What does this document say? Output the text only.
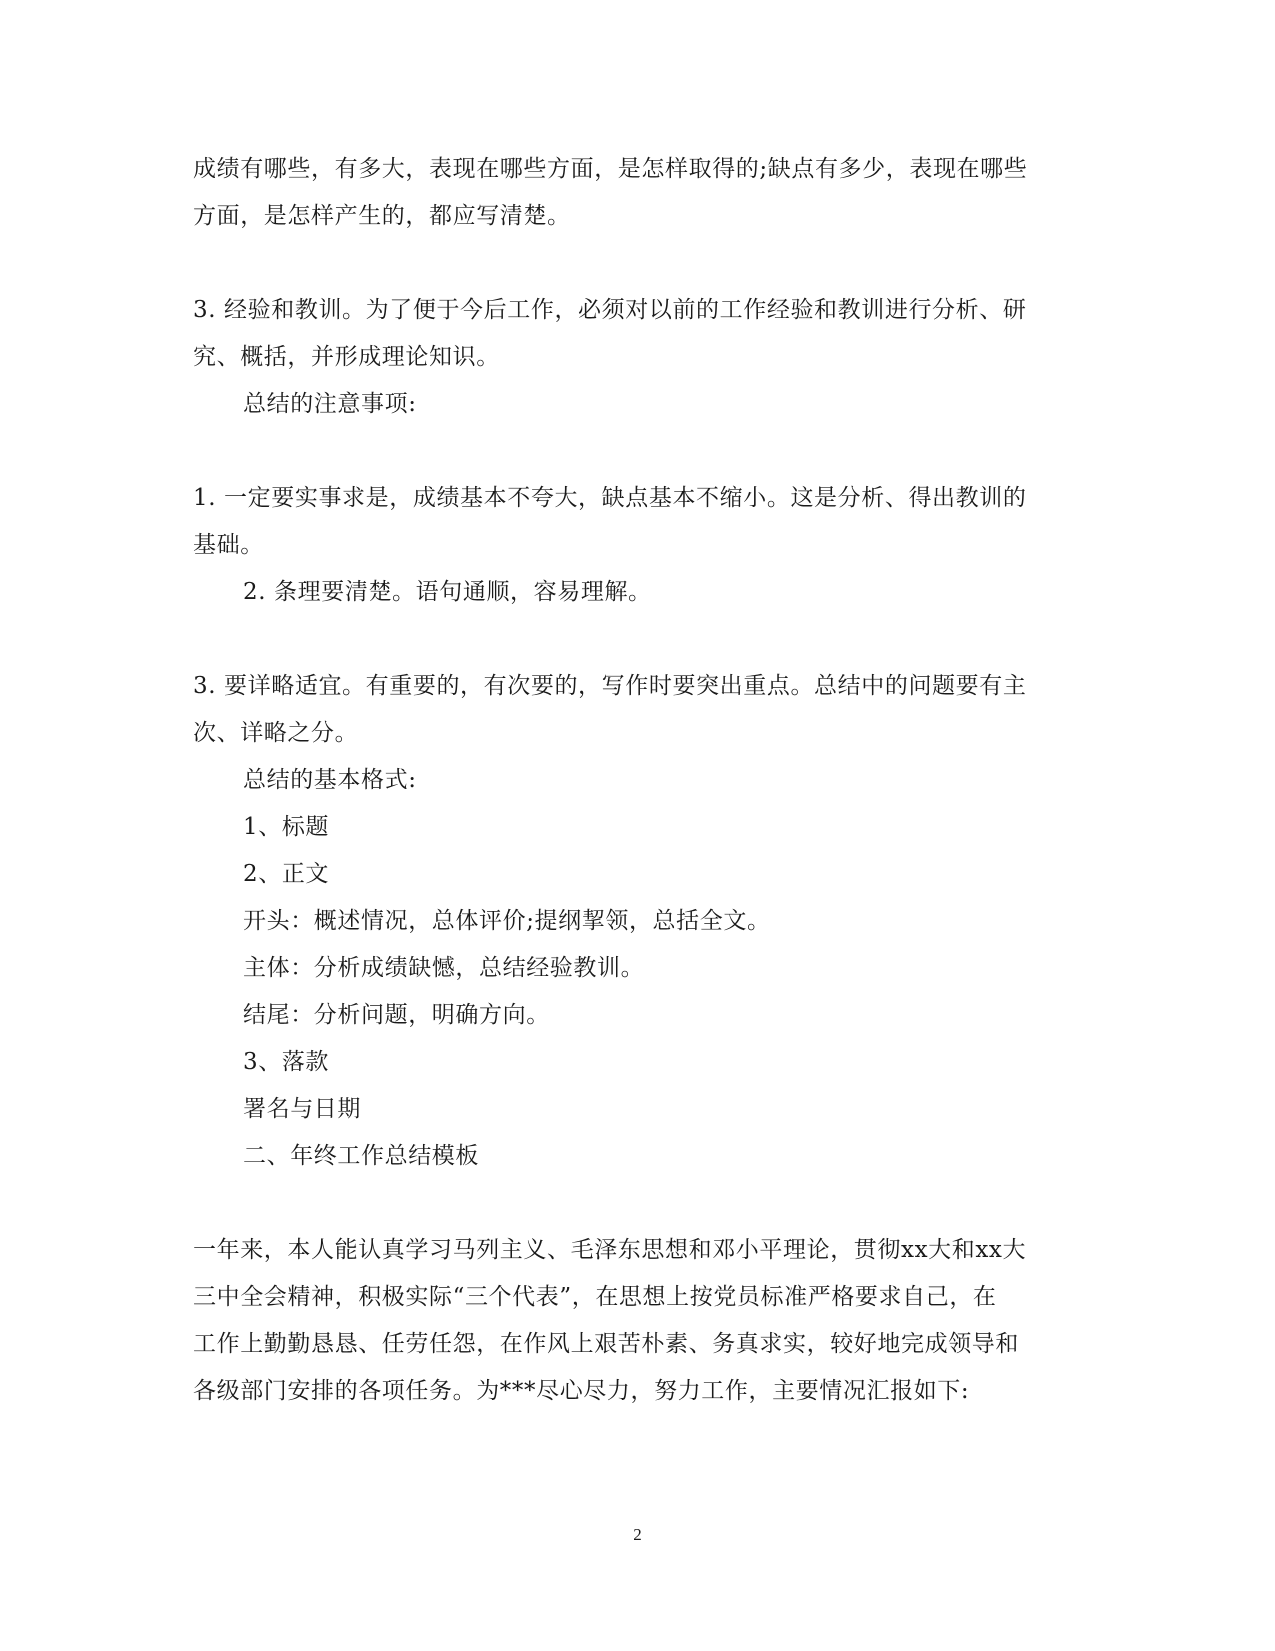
成绩有哪些，有多大，表现在哪些方面，是怎样取得的;缺点有多少，表现在哪些
方面，是怎样产生的，都应写清楚。
3. 经验和教训。为了便于今后工作，必须对以前的工作经验和教训进行分析、研
究、概括，并形成理论知识。
总结的注意事项:
1. 一定要实事求是，成绩基本不夸大，缺点基本不缩小。这是分析、得出教训的
基础。
2. 条理要清楚。语句通顺，容易理解。
3. 要详略适宜。有重要的，有次要的，写作时要突出重点。总结中的问题要有主
次、详略之分。
总结的基本格式:
1、标题
2、正文
开头：概述情况，总体评价;提纲挈领，总括全文。
主体：分析成绩缺憾，总结经验教训。
结尾：分析问题，明确方向。
3、落款
署名与日期
二、年终工作总结模板
一年来，本人能认真学习马列主义、毛泽东思想和邓小平理论，贯彻xx大和xx大
三中全会精神，积极实际“三个代表”，在思想上按党员标准严格要求自己，在
工作上勤勤恳恳、任劳任怨，在作风上艰苦朴素、务真求实，较好地完成领导和
各级部门安排的各项任务。为***尽心尽力，努力工作，主要情况汇报如下:
2
